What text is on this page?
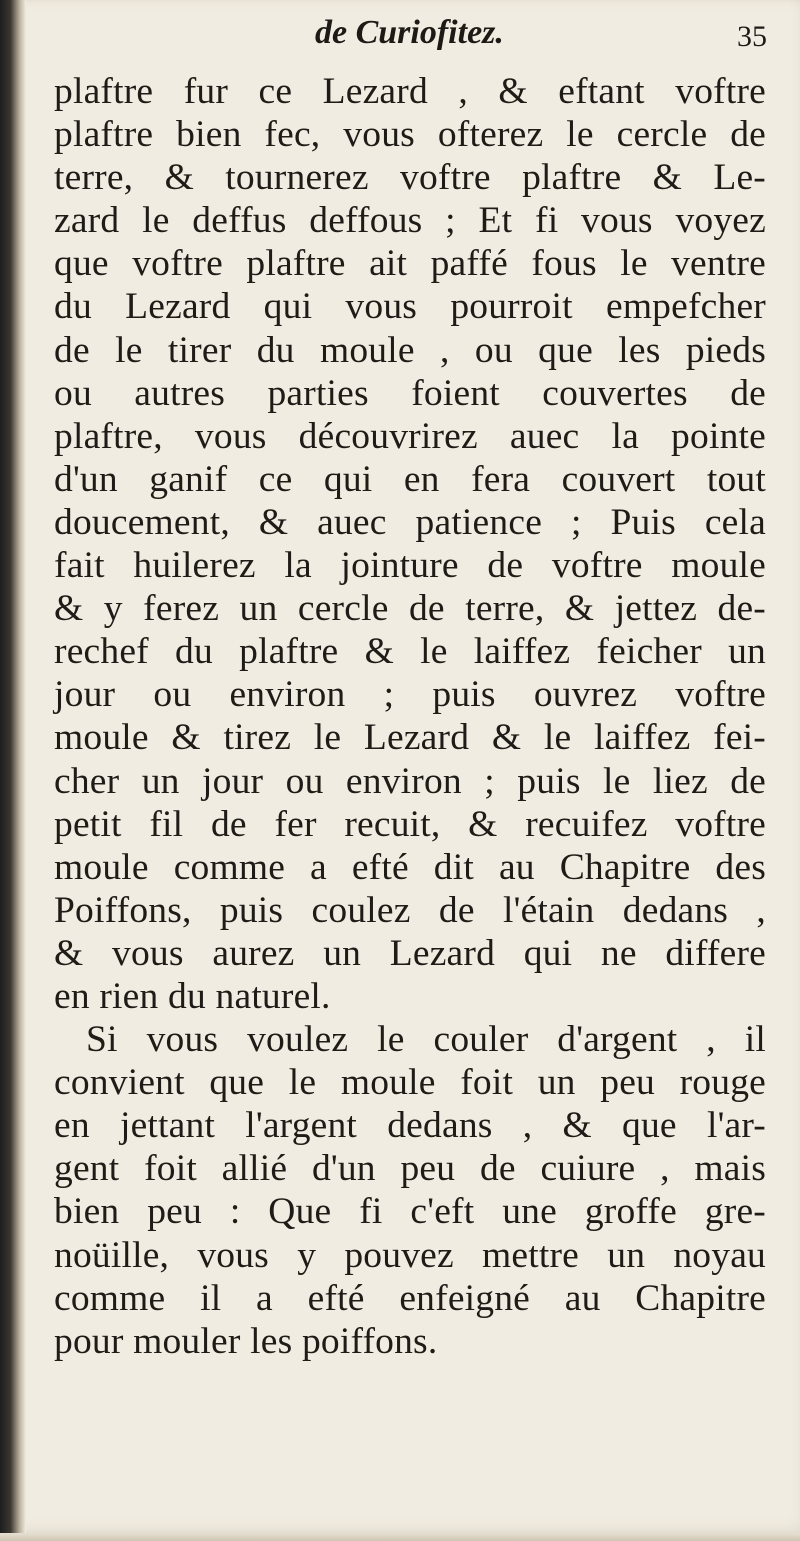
de Curiofitez.	35
plaftre fur ce Lezard , & eftant voftre
plaftre bien fec, vous ofterez le cercle de
terre, & tournerez voftre plaftre & Le-
zard le deffus deffous ; Et fi vous voyez
que voftre plaftre ait paffé fous le ventre
du Lezard qui vous pourroit empefcher
de le tirer du moule , ou que les pieds
ou autres parties foient couvertes de
plaftre, vous découvrirez auec la pointe
d'un ganif ce qui en fera couvert tout
doucement, & auec patience ; Puis cela
fait huilerez la jointure de voftre moule
& y ferez un cercle de terre, & jettez de-
rechef du plaftre & le laiffez feicher un
jour ou environ ; puis ouvrez voftre
moule & tirez le Lezard & le laiffez fei-
cher un jour ou environ ; puis le liez de
petit fil de fer recuit, & recuifez voftre
moule comme a efté dit au Chapitre des
Poiffons, puis coulez de l'étain dedans ,
& vous aurez un Lezard qui ne differe
en rien du naturel.
Si vous voulez le couler d'argent , il
convient que le moule foit un peu rouge
en jettant l'argent dedans , & que l'ar-
gent foit allié d'un peu de cuiure , mais
bien peu : Que fi c'eft une groffe gre-
noüille, vous y pouvez mettre un noyau
comme il a efté enfeigné au Chapitre
pour mouler les poiffons.
